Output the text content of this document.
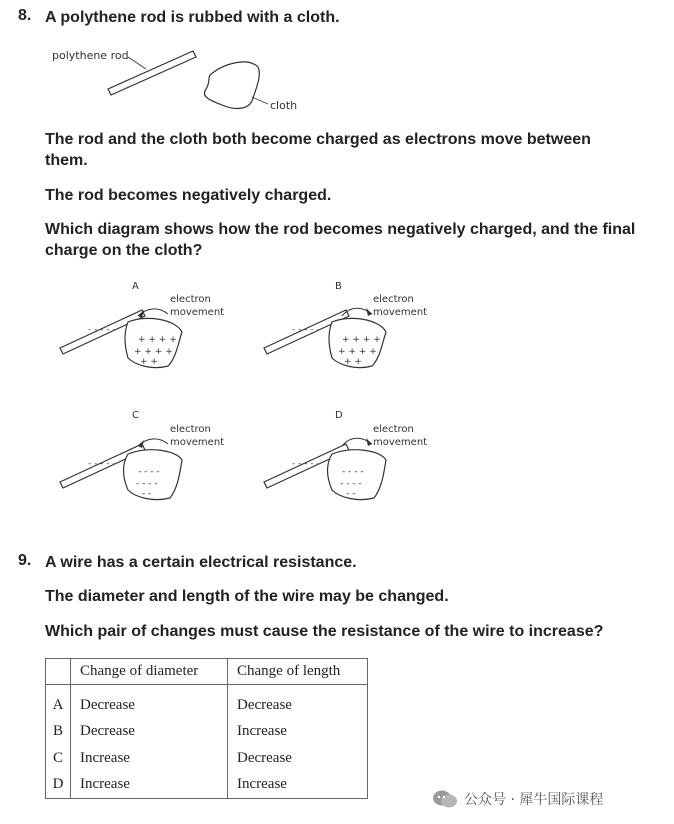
8. A polythene rod is rubbed with a cloth.
polythene rod
cloth
The rod and the cloth both become charged as electrons move between them.
The rod becomes negatively charged.
Which diagram shows how the rod becomes negatively charged, and the final charge on the cloth?
A
electron
movement
- - - - -
+ + + +
+ + + +
+ +
B
electron
movement
- - - - -
+ + + +
+ + + +
+ +
C
electron
movement
- - - - -
- - - -
- - - -
- -
D
electron
movement
- - - - -
- - - -
- - - -
- -
9. A wire has a certain electrical resistance.
The diameter and length of the wire may be changed.
Which pair of changes must cause the resistance of the wire to increase?
	Change of diameter	Change of length
A	Decrease	Decrease
B	Decrease	Increase
C	Increase	Decrease
D	Increase	Increase
公众号 · 犀牛国际课程
